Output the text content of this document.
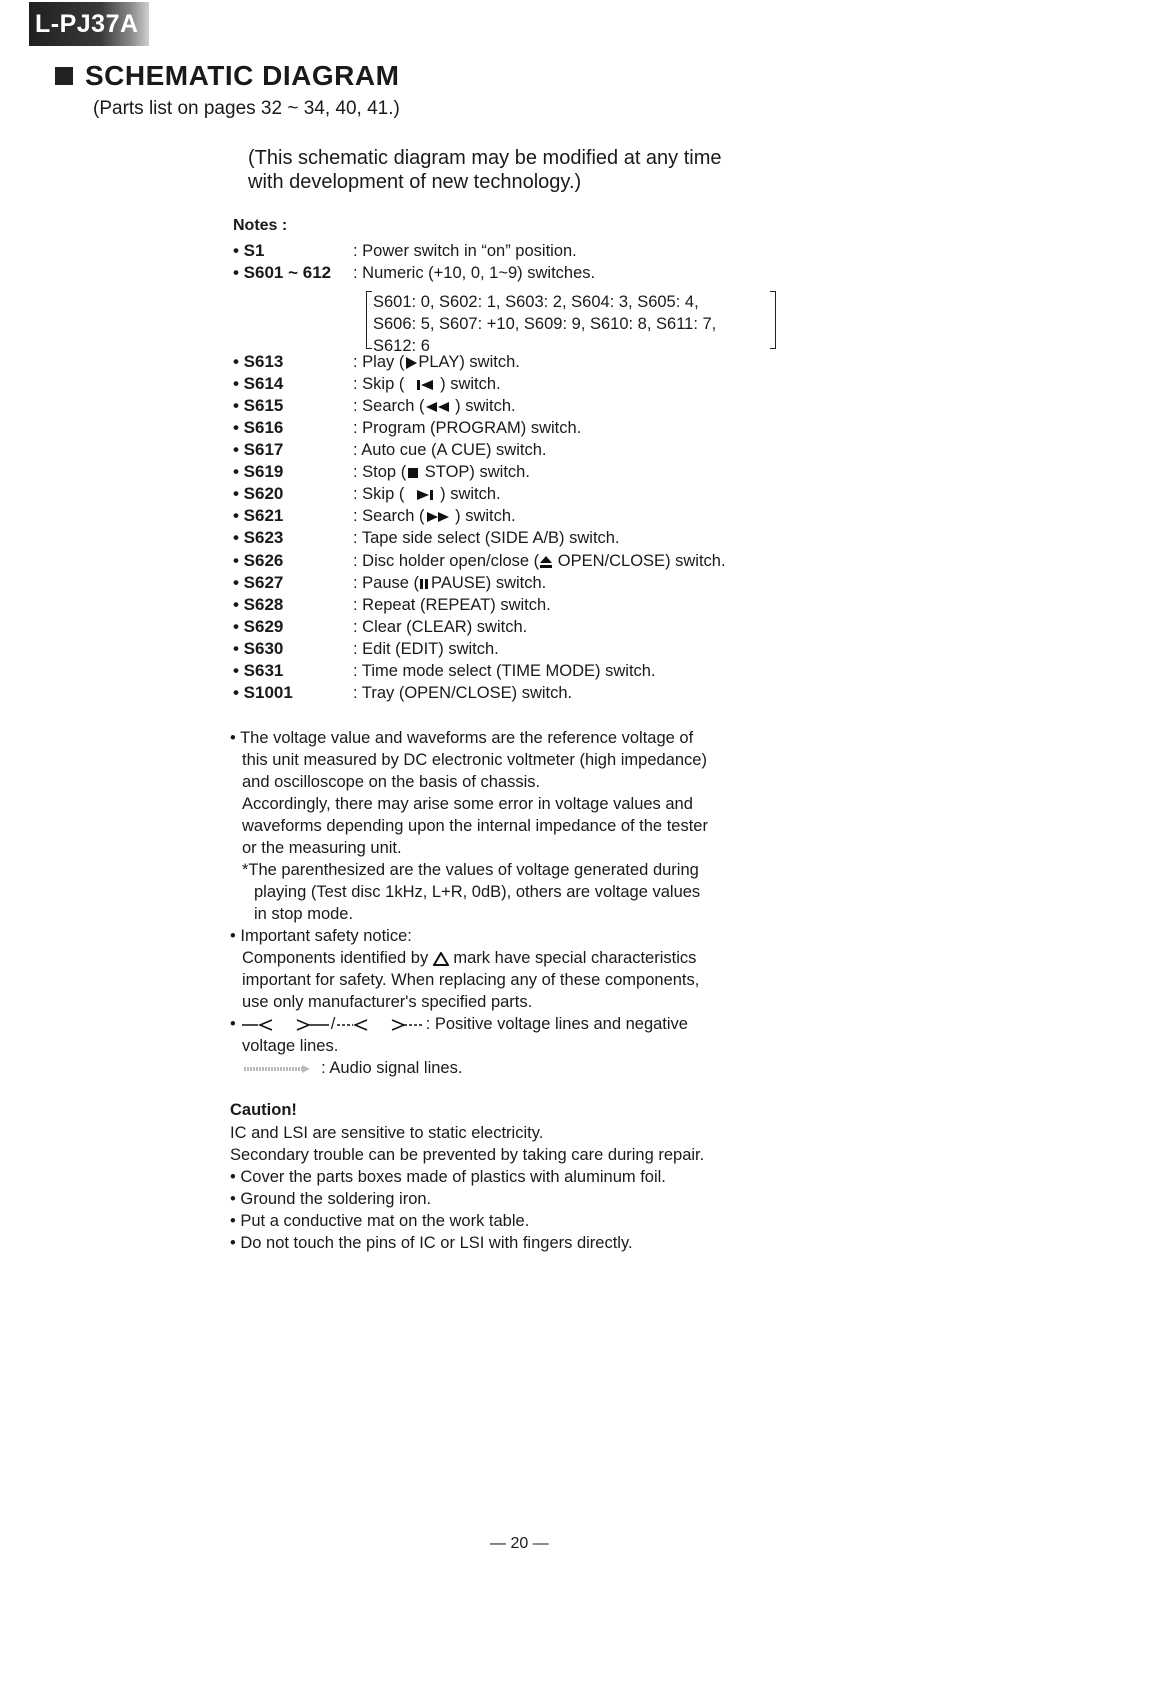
L-PJ37A
SCHEMATIC DIAGRAM
(Parts list on pages 32 ~ 34, 40, 41.)
(This schematic diagram may be modified at any time
with development of new technology.)
Notes :
• S1	: Power switch in “on” position.
• S601 ~ 612 : Numeric (+10, 0, 1~9) switches.
S601: 0, S602: 1, S603: 2, S604: 3, S605: 4,
S606: 5, S607: +10, S609: 9, S610: 8, S611: 7,
S612: 6
• S613	: Play ( PLAY) switch.
• S614	: Skip ( ) switch.
• S615	: Search ( ) switch.
• S616	: Program (PROGRAM) switch.
• S617	: Auto cue (A CUE) switch.
• S619	: Stop ( STOP) switch.
• S620	: Skip ( ) switch.
• S621	: Search ( ) switch.
• S623	: Tape side select (SIDE A/B) switch.
• S626	: Disc holder open/close ( OPEN/CLOSE) switch.
• S627	: Pause ( PAUSE) switch.
• S628	: Repeat (REPEAT) switch.
• S629	: Clear (CLEAR) switch.
• S630	: Edit (EDIT) switch.
• S631	: Time mode select (TIME MODE) switch.
• S1001	: Tray (OPEN/CLOSE) switch.
• The voltage value and waveforms are the reference voltage of
this unit measured by DC electronic voltmeter (high impedance)
and oscilloscope on the basis of chassis.
Accordingly, there may arise some error in voltage values and
waveforms depending upon the internal impedance of the tester
or the measuring unit.
*The parenthesized are the values of voltage generated during
playing (Test disc 1kHz, L+R, 0dB), others are voltage values
in stop mode.
• Important safety notice:
Components identified by mark have special characteristics
important for safety. When replacing any of these components,
use only manufacturer's specified parts.
•	/	: Positive voltage lines and negative
voltage lines.
: Audio signal lines.
Caution!
IC and LSI are sensitive to static electricity.
Secondary trouble can be prevented by taking care during repair.
• Cover the parts boxes made of plastics with aluminum foil.
• Ground the soldering iron.
• Put a conductive mat on the work table.
• Do not touch the pins of IC or LSI with fingers directly.
— 20 —
